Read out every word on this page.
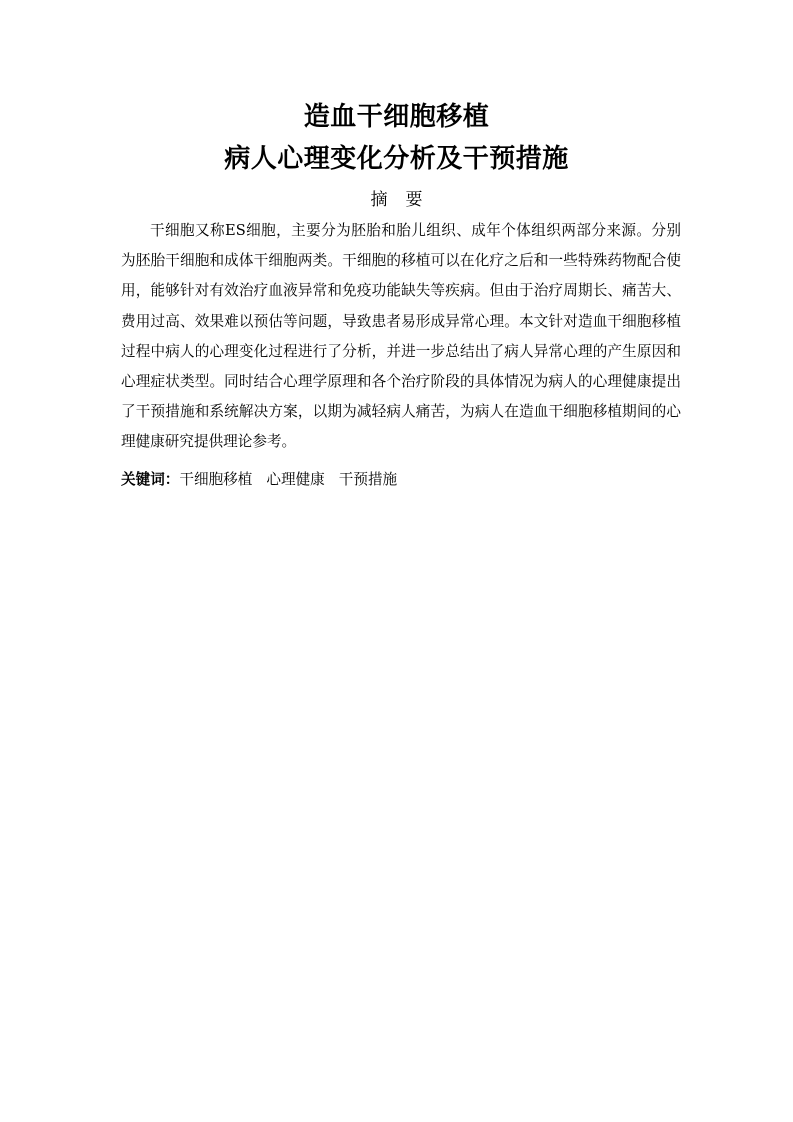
造血干细胞移植
病人心理变化分析及干预措施
摘 要

干细胞又称ES细胞，主要分为胚胎和胎儿组织、成年个体组织两部分来源。分别为胚胎干细胞和成体干细胞两类。干细胞的移植可以在化疗之后和一些特殊药物配合使用，能够针对有效治疗血液异常和免疫功能缺失等疾病。但由于治疗周期长、痛苦大、费用过高、效果难以预估等问题，导致患者易形成异常心理。本文针对造血干细胞移植过程中病人的心理变化过程进行了分析，并进一步总结出了病人异常心理的产生原因和心理症状类型。同时结合心理学原理和各个治疗阶段的具体情况为病人的心理健康提出了干预措施和系统解决方案，以期为减轻病人痛苦，为病人在造血干细胞移植期间的心理健康研究提供理论参考。

关键词：干细胞移植 心理健康 干预措施
